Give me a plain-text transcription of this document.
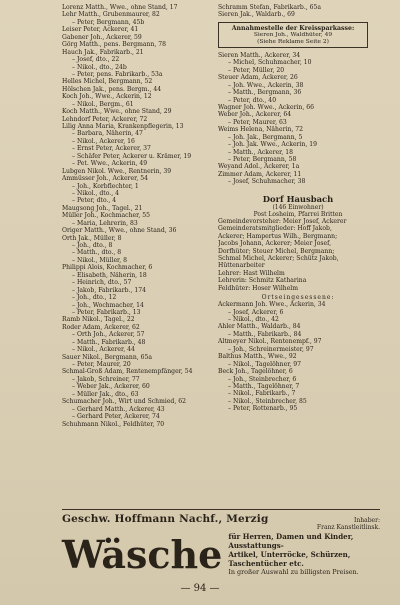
Lorenz Matth., Wwe., ohne Stand, 17
Lehr Matth., Grubenmaurer, 82
– Peter, Bergmann, 45b
Leiser Peter, Ackerer, 41
Gabener Joh., Ackerer, 59
Görg Matth., pens. Bergmann, 78
Hauch Jak., Fabrikarb., 21
– Josef, dto., 22
– Nikol., dto., 24b
– Peter, pens. Fabrikarb., 53a
Helles Michel, Bergmann, 52
Hölschen Jak., pens. Bergm., 44
Koch Joh., Wwe., Ackerin, 12
– Nikol., Bergm., 61
Koch Matth., Wwe., ohne Stand, 29
Lehndorf Peter, Ackerer, 72
Lilig Anna Maria, Krankenpflegerin, 13
– Barbara, Näherin, 47
– Nikol., Ackerer, 16
– Ernst Peter, Ackerer, 37
– Schäfer Peter, Ackerer u. Krämer, 19
– Pet. Wwe., Ackerin, 49
Lubgen Nikol. Wwe., Rentnerin, 39
Ammüsser Joh., Ackerer, 54
– Joh., Korbflechter, 1
– Nikol., dto., 4
– Peter, dto., 4
Maugsong Joh., Tagel., 21
Müller Joh., Kochmacher, 55
– Maria, Lehrerin, 83
Origer Matth., Wwe., ohne Stand, 36
Orth Jak., Müller, 8
– Joh., dto., 8
– Matth., dto., 8
– Nikol., Müller, 8
Philippi Alois, Kochmacher, 6
– Elisabeth, Näherin, 18
– Heinrich, dto., 57
– Jakob, Fabrikarb., 174
– Joh., dto., 12
– Joh., Wochmacher, 14
– Peter, Fabrikarb., 13
Ramb Nikol., Tagel., 22
Roder Adam, Ackerer, 62
– Orth Joh., Ackerer, 57
– Matth., Fabrikarb., 48
– Nikol., Ackerer, 44
Sauer Nikol., Bergmann, 65a
– Peter, Maurer, 20
Schmal-Groß Adam, Rentenempfänger, 54
– Jakob, Schreiner, 77
– Weber Jak., Ackerer, 60
– Müller Jak., dto., 63
Schumacher Joh., Wirt und Schmied, 62
– Gerhard Matth., Ackerer, 43
– Gerhard Peter, Ackerer, 74
Schuhmann Nikol., Feldhüter, 70
Schramm Stefan, Fabrikarb., 65a
Sieren Jak., Waldarb., 69
Annahmestelle der Kreissparkasse:
Sieren Joh., Waldhüter, 49
(Siehe Reklame Seite 2)
Sieren Matth., Ackerer, 34
– Michel, Schuhmacher, 10
– Peter, Müller, 20
Steuer Adam, Ackerer, 26
– Joh. Wwe., Ackerin, 38
– Matth., Bergmann, 36
– Peter, dto., 40
Wagner Joh. Wwe., Ackerin, 66
Weber Joh., Ackerer, 64
– Peter, Maurer, 63
Weims Helena, Näherin, 72
– Joh. Jak., Bergmann, 5
– Joh. Jak. Wwe., Ackerin, 19
– Matth., Ackerer, 18
– Peter, Bergmann, 58
Weyand Adol., Ackerer, 1a
Zimmer Adam, Ackerer, 11
– Josef, Schuhmacher, 38
Dorf Hausbach
(146 Einwohner)
Post Losheim, Pfarrei Britten
Gemeindevorsteher: Meier Josef, Ackerer
Gemeinderatsmitglieder: Hoff Jakob,
Ackerer; Hampertus Wilh., Bergmann;
Jacobs Johann, Ackerer; Meier Josef,
Dorfhüter; Steuer Michel, Bergmann;
Schmal Michel, Ackerer; Schütz Jakob,
Hüttenarbeiter
Lehrer: Hast Wilhelm
Lehrerin: Schmitz Katharina
Feldhüter: Hoser Wilhelm
Ortseingesessene:
Ackermann Joh. Wwe., Ackerin, 34
– Josef, Ackerer, 6
– Nikol., dto., 42
Ahler Matth., Waldarb., 84
– Matth., Fabrikarb., 84
Altmeyer Nikol., Rentenempf., 97
– Joh., Schreinermeister, 97
Balthus Matth., Wwe., 92
– Nikol., Tagelöhner, 97
Beck Joh., Tagelöhner, 6
– Joh., Steinbrecher, 6
– Matth., Tagelöhner, 7
– Nikol., Fabrikarb., 7
– Nikol., Steinbrecher, 85
– Peter, Rottenarb., 95
Geschw. Hoffmann Nachf., Merzig	Inhaber:
Franz Kanstleitlinsk.
Wäsche für Herren, Damen und Kinder, Ausstattungs-
Artikel, Unterröcke, Schürzen, Taschentücher etc.
In großer Auswahl zu billigsten Preisen.
— 94 —
